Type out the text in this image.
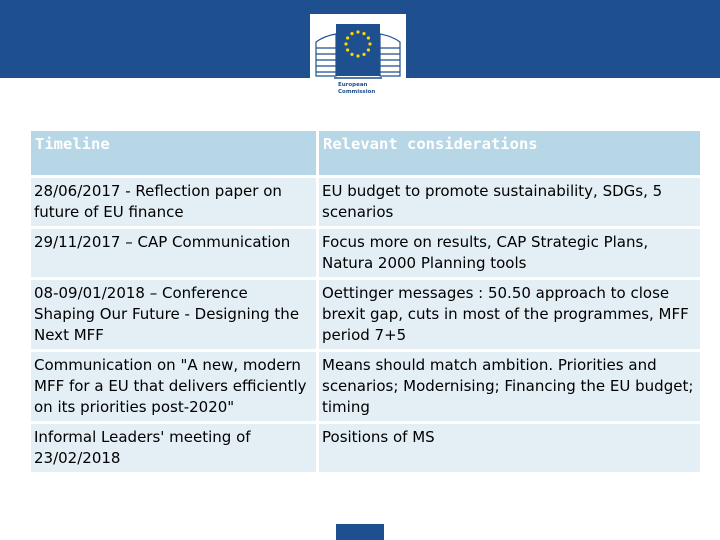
European
Commission
Timeline	Relevant considerations
28/06/2017 - Reflection paper on future of EU finance	EU budget to promote sustainability, SDGs, 5 scenarios
29/11/2017 – CAP Communication	Focus more on results, CAP Strategic Plans, Natura 2000 Planning tools
08-09/01/2018 – Conference Shaping Our Future - Designing the Next MFF	Oettinger messages : 50.50 approach to close brexit gap, cuts in most of the programmes, MFF period 7+5
Communication on "A new, modern MFF for a EU that delivers efficiently on its priorities post-2020"	Means should match ambition. Priorities and scenarios; Modernising; Financing the EU budget; timing
Informal Leaders' meeting of 23/02/2018	Positions of MS
